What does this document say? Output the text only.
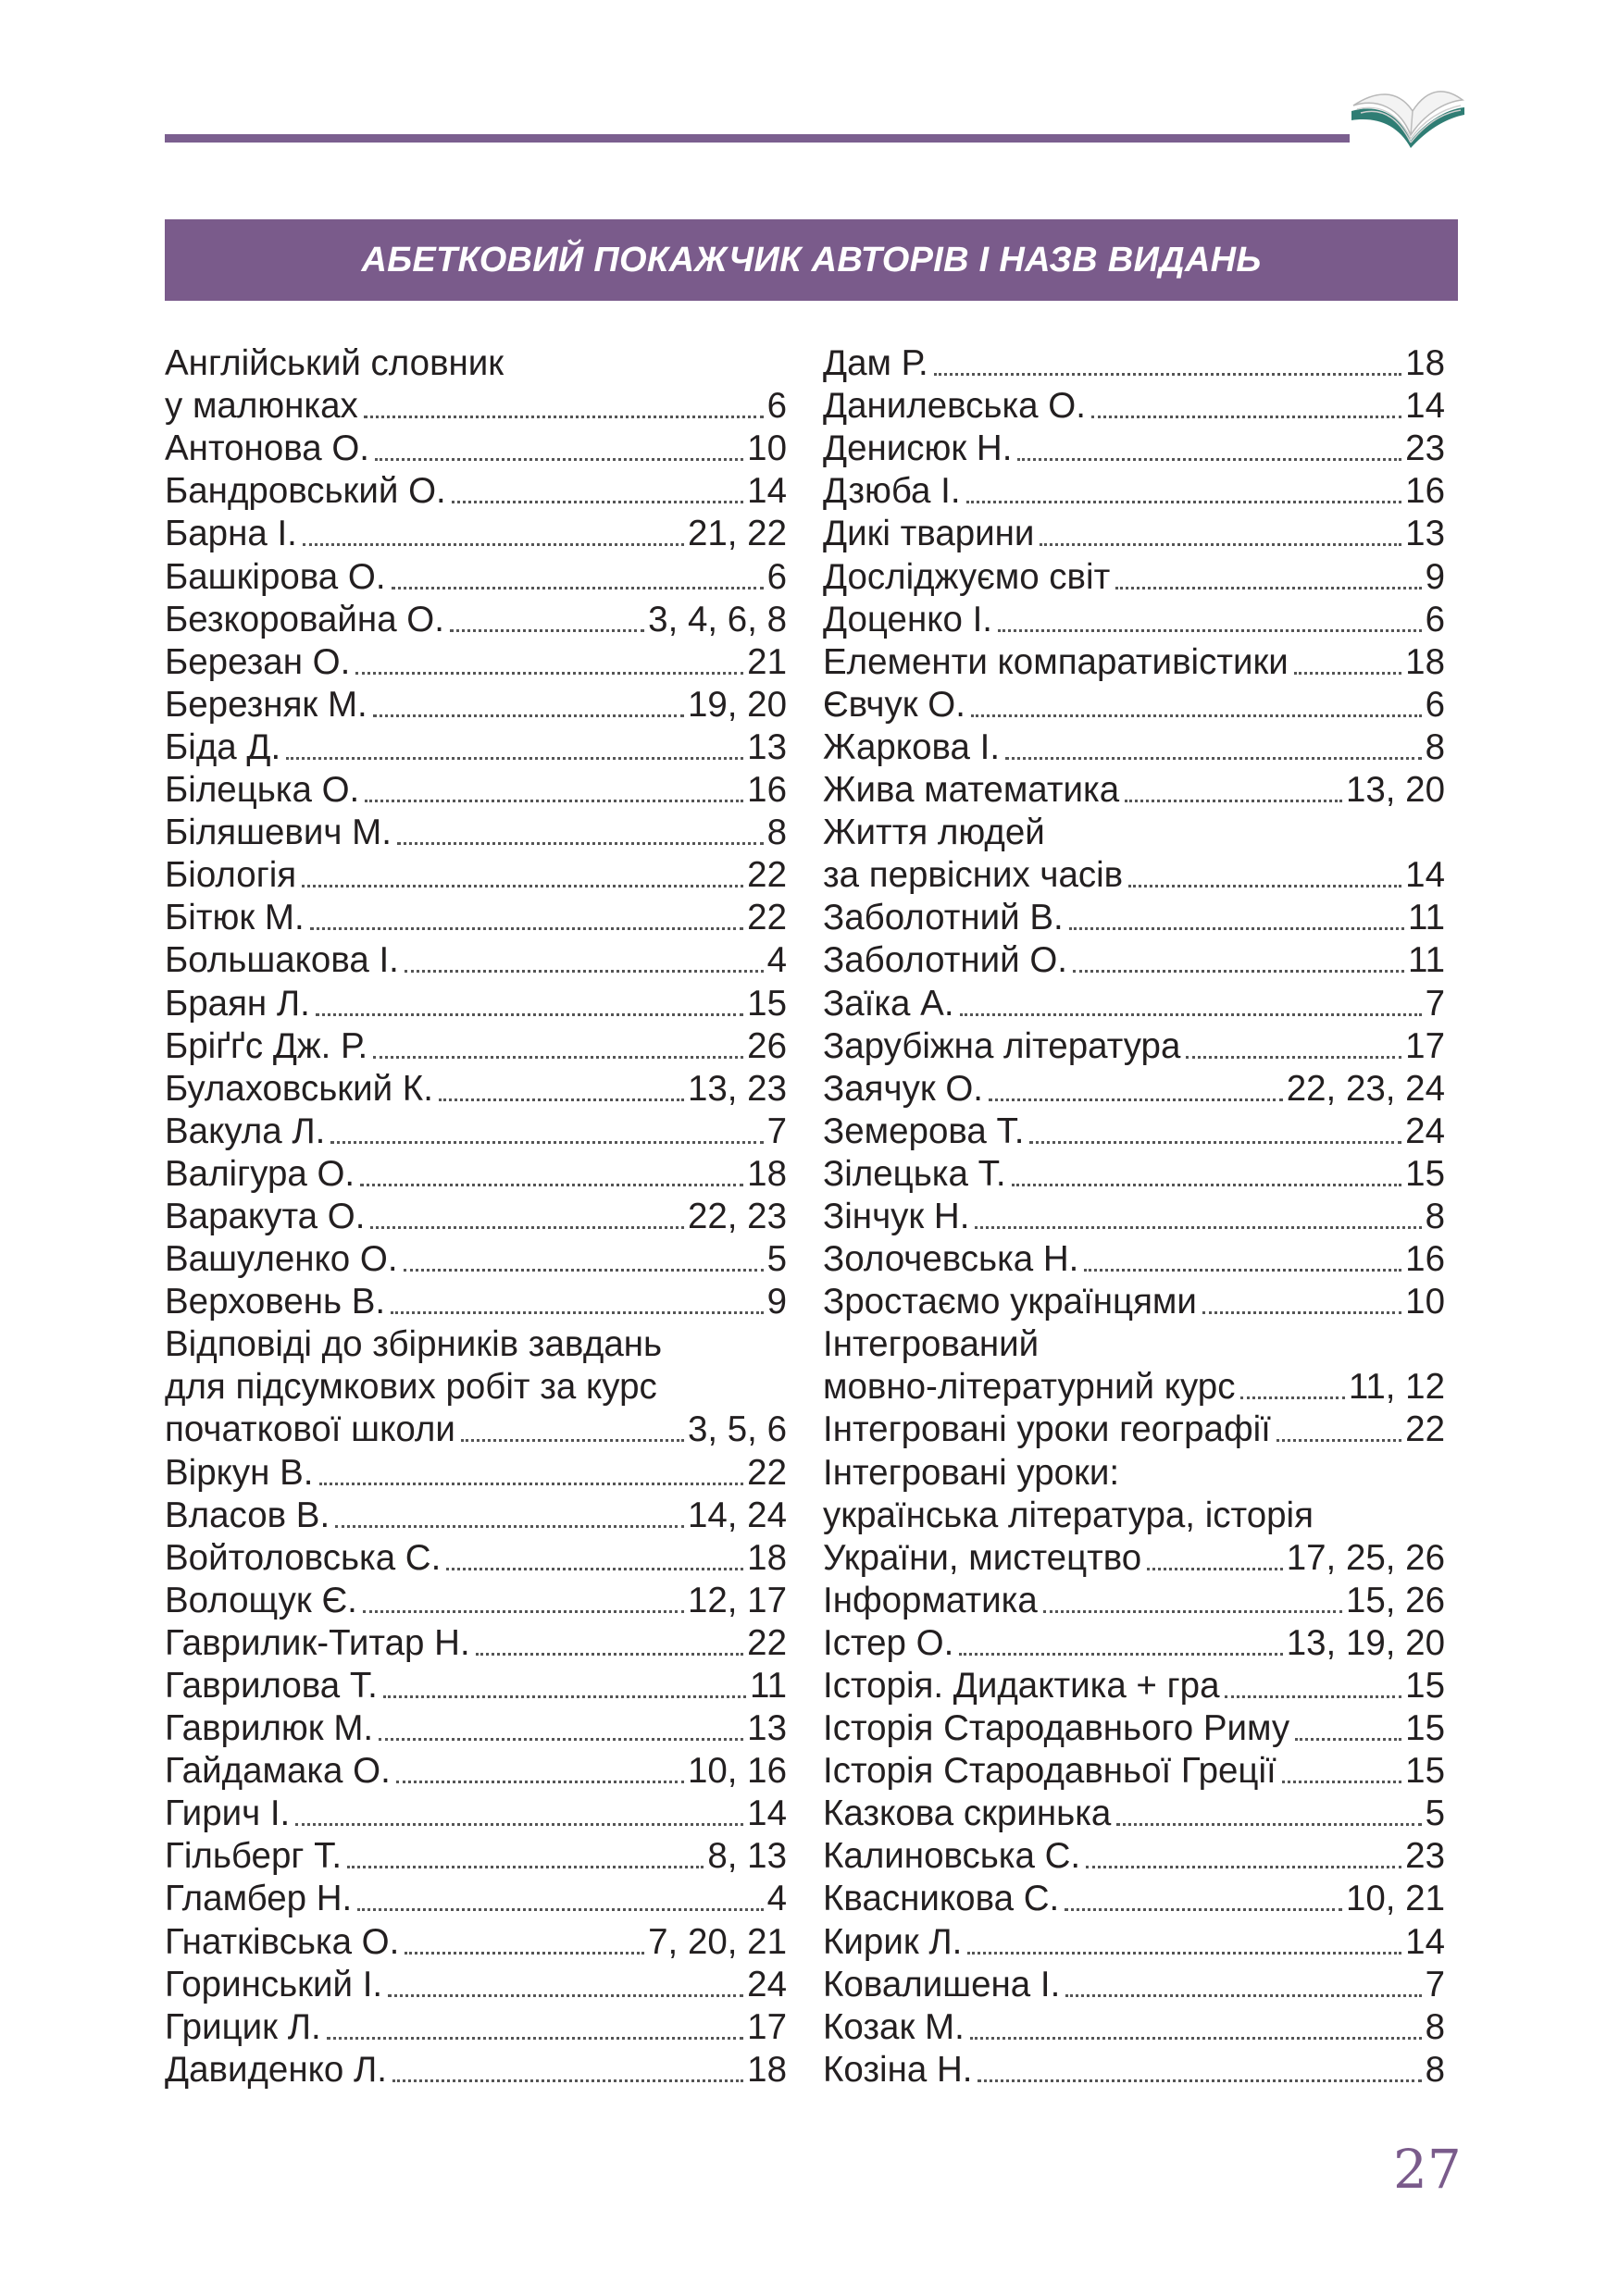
АБЕТКОВИЙ ПОКАЖЧИК АВТОРІВ І НАЗВ ВИДАНЬ
Англійський словник
у малюнках	6
Антонова О.	10
Бандровський О.	14
Барна І.	21, 22
Башкірова О.	6
Безкоровайна О.	3, 4, 6, 8
Березан О.	21
Березняк М.	19, 20
Біда Д.	13
Білецька О.	16
Біляшевич М.	8
Біологія	22
Бітюк М.	22
Большакова І.	4
Браян Л.	15
Бріґґс Дж. Р.	26
Булаховський К.	13, 23
Вакула Л.	7
Валігура О.	18
Варакута О.	22, 23
Вашуленко О.	5
Верховень В.	9
Відповіді до збірників завдань
для підсумкових робіт за курс
початкової школи	3, 5, 6
Віркун В.	22
Власов В.	14, 24
Войтоловська С.	18
Волощук Є.	12, 17
Гаврилик-Титар Н.	22
Гаврилова Т.	11
Гаврилюк М.	13
Гайдамака О.	10, 16
Гирич І.	14
Гільберг Т.	8, 13
Гламбер Н.	4
Гнатківська О.	7, 20, 21
Горинський І.	24
Грицик Л.	17
Давиденко Л.	18
Дам Р.	18
Данилевська О.	14
Денисюк Н.	23
Дзюба І.	16
Дикі тварини	13
Досліджуємо світ	9
Доценко І.	6
Елементи компаративістики	18
Євчук О.	6
Жаркова І.	8
Жива математика	13, 20
Життя людей
за первісних часів	14
Заболотний В.	11
Заболотний О.	11
Заїка А.	7
Зарубіжна література	17
Заячук О.	22, 23, 24
Земерова Т.	24
Зілецька Т.	15
Зінчук Н.	8
Золочевська Н.	16
Зростаємо українцями	10
Інтегрований
мовно-літературний курс	11, 12
Інтегровані уроки географії	22
Інтегровані уроки:
українська література, історія
України, мистецтво	17, 25, 26
Інформатика	15, 26
Істер О.	13, 19, 20
Історія. Дидактика + гра	15
Історія Стародавнього Риму	15
Історія Стародавньої Греції	15
Казкова скринька	5
Калиновська С.	23
Квасникова С.	10, 21
Кирик Л.	14
Ковалишена І.	7
Козак М.	8
Козіна Н.	8
27
